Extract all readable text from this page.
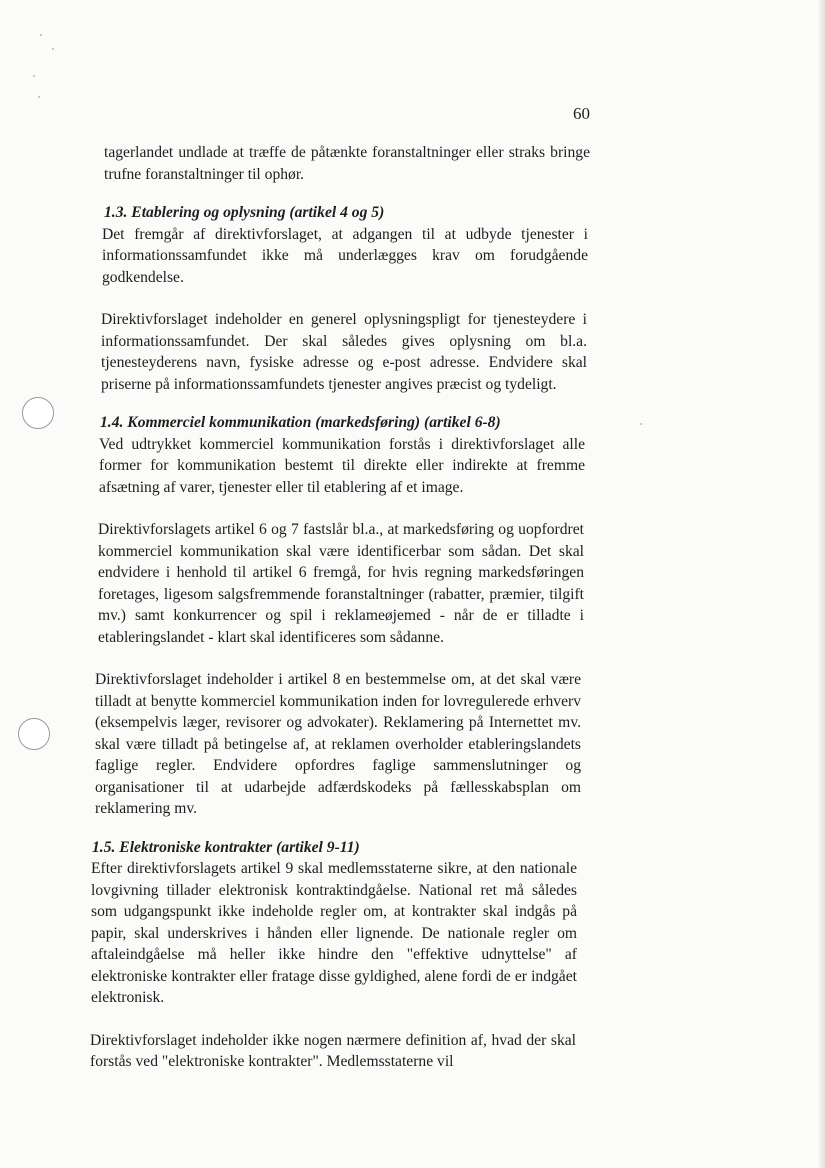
60

tagerlandet undlade at træffe de påtænkte foranstaltninger eller straks bringe trufne foranstaltninger til ophør.

1.3. Etablering og oplysning (artikel 4 og 5)

Det fremgår af direktivforslaget, at adgangen til at udbyde tjenester i informationssamfundet ikke må underlægges krav om forudgående godkendelse.

Direktivforslaget indeholder en generel oplysningspligt for tjenesteydere i informationssamfundet. Der skal således gives oplysning om bl.a. tjenesteyderens navn, fysiske adresse og e-post adresse. Endvidere skal priserne på informationssamfundets tjenester angives præcist og tydeligt.

1.4. Kommerciel kommunikation (markedsføring) (artikel 6-8)

Ved udtrykket kommerciel kommunikation forstås i direktivforslaget alle former for kommunikation bestemt til direkte eller indirekte at fremme afsætning af varer, tjenester eller til etablering af et image.

Direktivforslagets artikel 6 og 7 fastslår bl.a., at markedsføring og uopfordret kommerciel kommunikation skal være identificerbar som sådan. Det skal endvidere i henhold til artikel 6 fremgå, for hvis regning markedsføringen foretages, ligesom salgsfremmende foranstaltninger (rabatter, præmier, tilgift mv.) samt konkurrencer og spil i reklameøjemed - når de er tilladte i etableringslandet - klart skal identificeres som sådanne.

Direktivforslaget indeholder i artikel 8 en bestemmelse om, at det skal være tilladt at benytte kommerciel kommunikation inden for lovregulerede erhverv (eksempelvis læger, revisorer og advokater). Reklamering på Internettet mv. skal være tilladt på betingelse af, at reklamen overholder etableringslandets faglige regler. Endvidere opfordres faglige sammenslutninger og organisationer til at udarbejde adfærdskodeks på fællesskabsplan om reklamering mv.

1.5. Elektroniske kontrakter (artikel 9-11)

Efter direktivforslagets artikel 9 skal medlemsstaterne sikre, at den nationale lovgivning tillader elektronisk kontraktindgåelse. National ret må således som udgangspunkt ikke indeholde regler om, at kontrakter skal indgås på papir, skal underskrives i hånden eller lignende. De nationale regler om aftaleindgåelse må heller ikke hindre den "effektive udnyttelse" af elektroniske kontrakter eller fratage disse gyldighed, alene fordi de er indgået elektronisk.

Direktivforslaget indeholder ikke nogen nærmere definition af, hvad der skal forstås ved "elektroniske kontrakter". Medlemsstaterne vil
